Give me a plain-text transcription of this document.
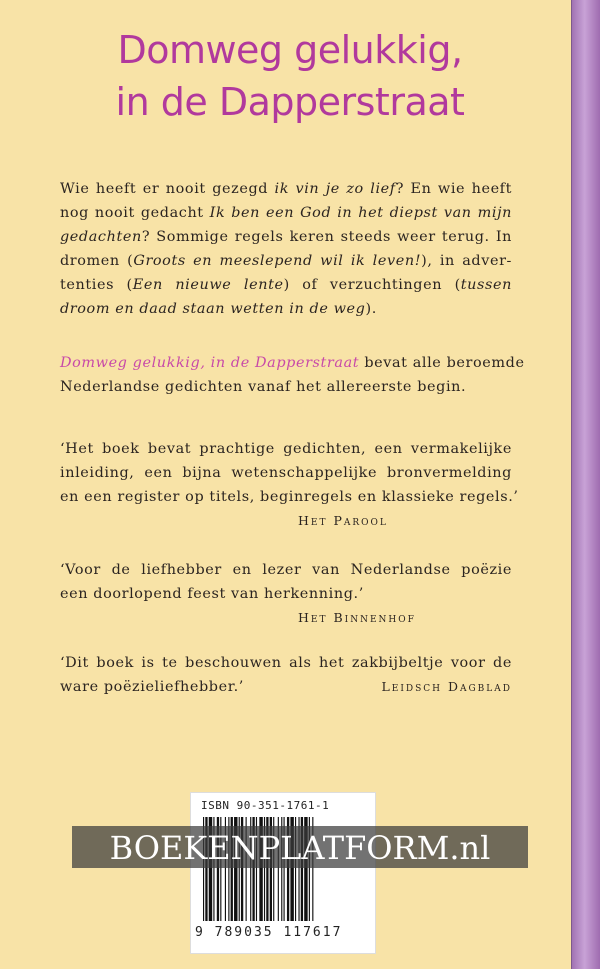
Domweg gelukkig,
in de Dapperstraat
Wie heeft er nooit gezegd ik vin je zo lief? En wie heeft
nog nooit gedacht Ik ben een God in het diepst van mijn
gedachten? Sommige regels keren steeds weer terug. In
dromen (Groots en meeslepend wil ik leven!), in adver-
tenties (Een nieuwe lente) of verzuchtingen (tussen
droom en daad staan wetten in de weg).
Domweg gelukkig, in de Dapperstraat bevat alle beroemde
Nederlandse gedichten vanaf het allereerste begin.
‘Het boek bevat prachtige gedichten, een vermakelijke
inleiding, een bijna wetenschappelijke bronvermelding
en een register op titels, beginregels en klassieke regels.’
Het Parool
‘Voor de liefhebber en lezer van Nederlandse poëzie
een doorlopend feest van herkenning.’
Het Binnenhof
‘Dit boek is te beschouwen als het zakbijbeltje voor de
ware poëzieliefhebber.’	Leidsch Dagblad
ISBN 90-351-1761-1
9 789035 117617
BOEKENPLATFORM.nl
